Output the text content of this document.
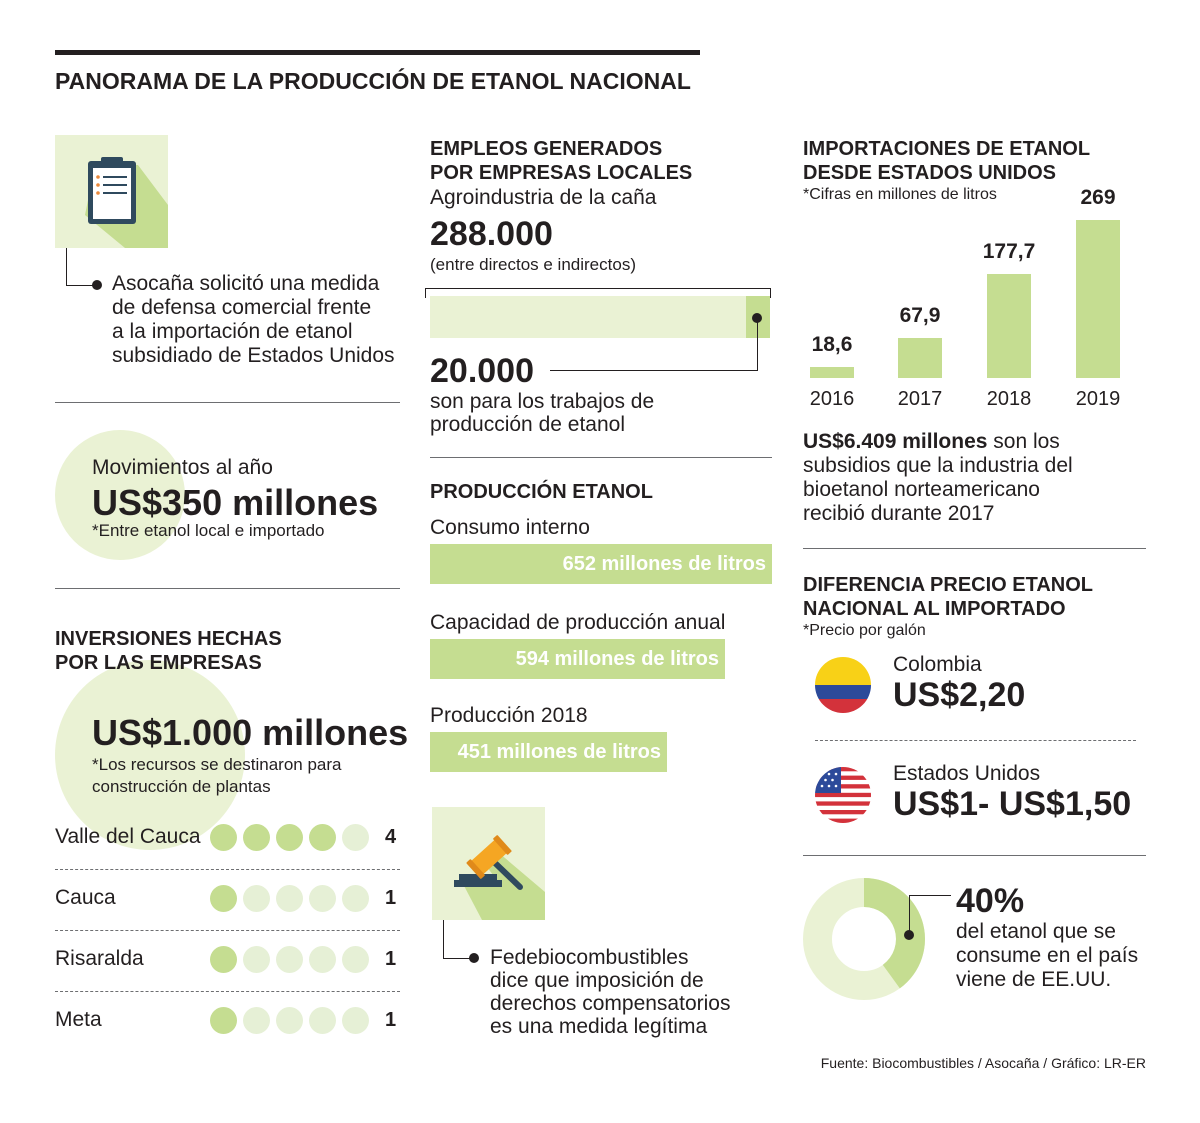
PANORAMA DE LA PRODUCCIÓN DE ETANOL NACIONAL
Asocaña solicitó una medida
de defensa comercial frente
a la importación de etanol
subsidiado de Estados Unidos
Movimientos al año
US$350 millones
*Entre etanol local e importado
INVERSIONES HECHAS
POR LAS EMPRESAS
US$1.000 millones
*Los recursos se destinaron para
construcción de plantas
Valle del Cauca	4
Cauca	1
Risaralda	1
Meta	1
EMPLEOS GENERADOS
POR EMPRESAS LOCALES
Agroindustria de la caña
288.000
(entre directos e indirectos)
20.000
son para los trabajos de
producción de etanol
PRODUCCIÓN ETANOL
Consumo interno
652 millones de litros
Capacidad de producción anual
594 millones de litros
Producción 2018
451 millones de litros
Fedebiocombustibles
dice que imposición de
derechos compensatorios
es una medida legítima
IMPORTACIONES DE ETANOL
DESDE ESTADOS UNIDOS
*Cifras en millones de litros
18,6
2016
67,9
2017
177,7
2018
269
2019
US$6.409 millones son los
subsidios que la industria del
bioetanol norteamericano
recibió durante 2017
DIFERENCIA PRECIO ETANOL
NACIONAL AL IMPORTADO
*Precio por galón
Colombia
US$2,20
Estados Unidos
US$1- US$1,50
40%
del etanol que se
consume en el país
viene de EE.UU.
Fuente: Biocombustibles / Asocaña / Gráfico: LR-ER
